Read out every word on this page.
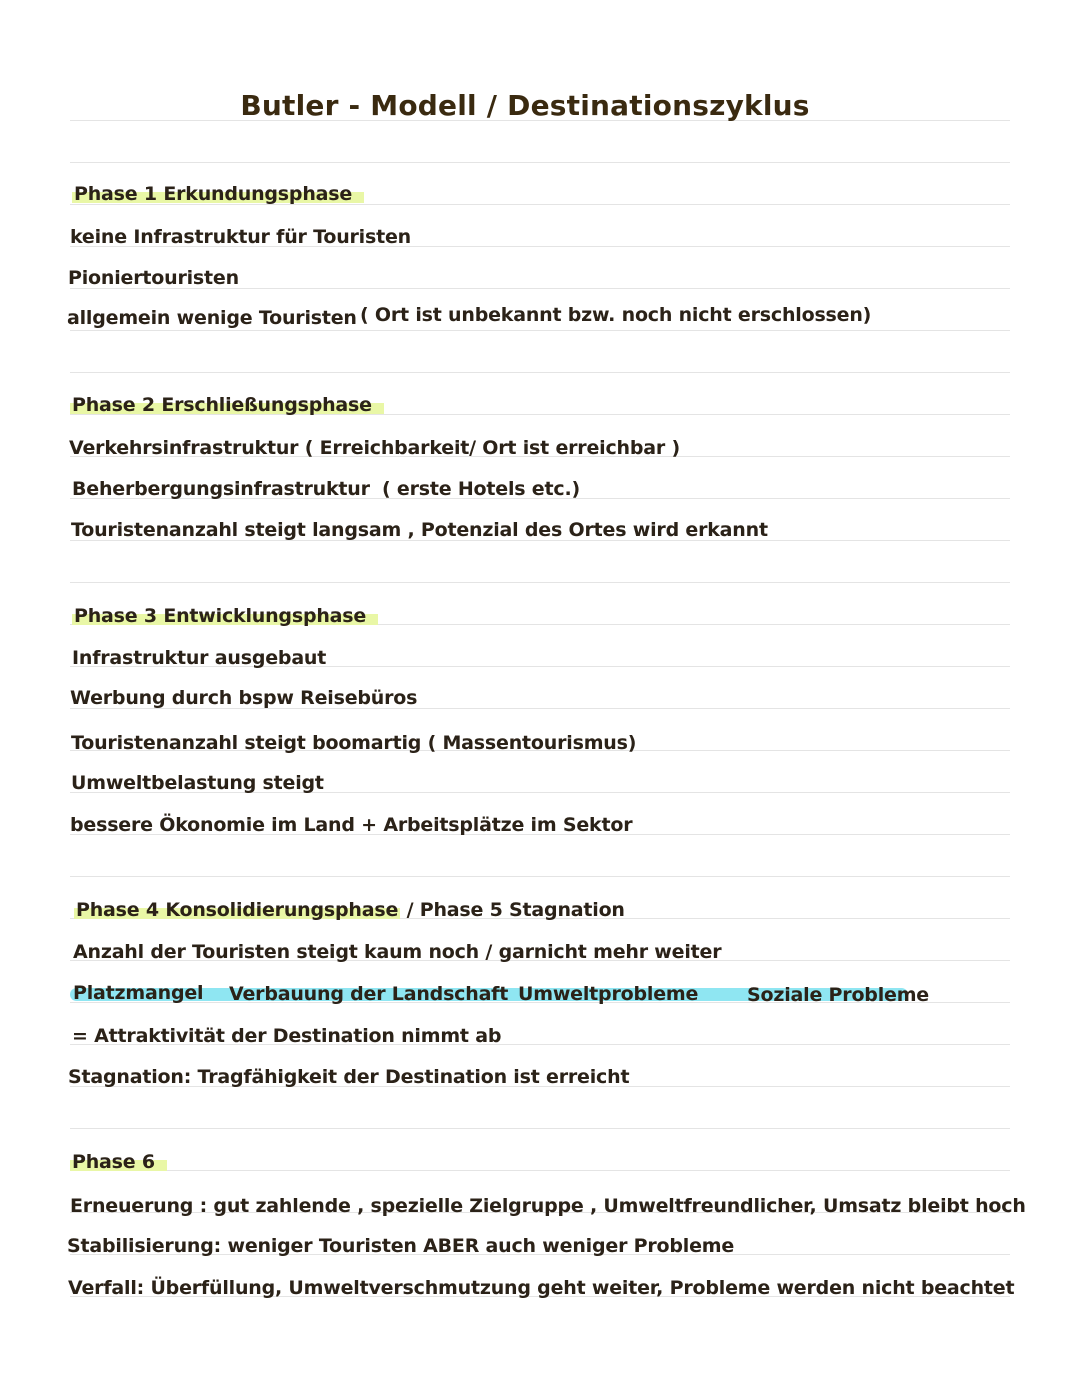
Butler - Modell / Destinationszyklus
Phase 1 Erkundungsphase
keine Infrastruktur für Touristen
Pioniertouristen
allgemein wenige Touristen ( Ort ist unbekannt bzw. noch nicht erschlossen)
Phase 2 Erschließungsphase
Verkehrsinfrastruktur ( Erreichbarkeit/ Ort ist erreichbar )
Beherbergungsinfrastruktur ( erste Hotels etc.)
Touristenanzahl steigt langsam , Potenzial des Ortes wird erkannt
Phase 3 Entwicklungsphase
Infrastruktur ausgebaut
Werbung durch bspw Reisebüros
Touristenanzahl steigt boomartig ( Massentourismus)
Umweltbelastung steigt
bessere Ökonomie im Land + Arbeitsplätze im Sektor
Phase 4 Konsolidierungsphase / Phase 5 Stagnation
Anzahl der Touristen steigt kaum noch / garnicht mehr weiter
Platzmangel Verbauung der Landschaft Umweltprobleme	Soziale Probleme
= Attraktivität der Destination nimmt ab
Stagnation: Tragfähigkeit der Destination ist erreicht
Phase 6
Erneuerung : gut zahlende , spezielle Zielgruppe , Umweltfreundlicher, Umsatz bleibt hoch
Stabilisierung: weniger Touristen ABER auch weniger Probleme
Verfall: Überfüllung, Umweltverschmutzung geht weiter, Probleme werden nicht beachtet
